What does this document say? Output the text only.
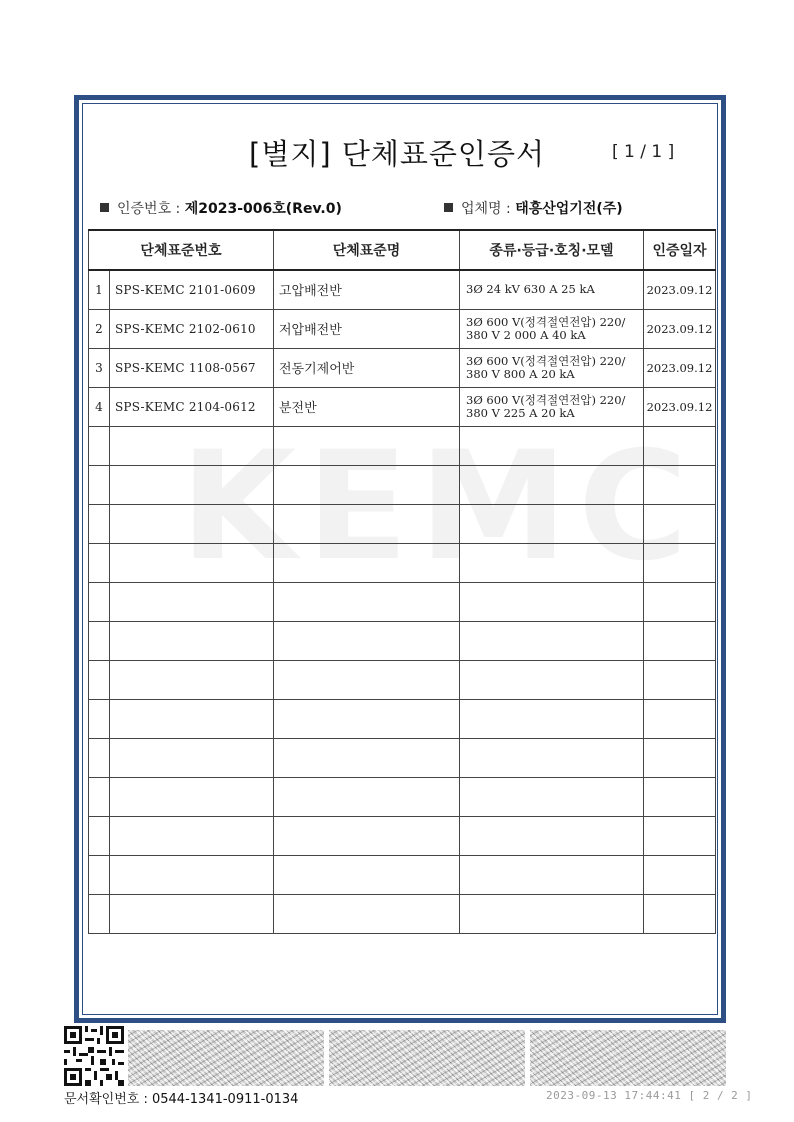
KEMC
[별지] 단체표준인증서	[ 1 / 1 ]
인증번호 : 제2023-006호(Rev.0)	업체명 : 태흥산업기전(주)
단체표준번호		단체표준명	종류·등급·호칭·모델	인증일자
1	SPS-KEMC 2101-0609	고압배전반	3Ø 24 kV 630 A 25 kA	2023.09.12
2	SPS-KEMC 2102-0610	저압배전반	3Ø 600 V(정격절연전압) 220/
380 V 2 000 A 40 kA	2023.09.12
3	SPS-KEMC 1108-0567	전동기제어반	3Ø 600 V(정격절연전압) 220/
380 V 800 A 20 kA	2023.09.12
4	SPS-KEMC 2104-0612	분전반	3Ø 600 V(정격절연전압) 220/
380 V 225 A 20 kA	2023.09.12

문서확인번호 : 0544-1341-0911-0134	2023-09-13 17:44:41 [ 2 / 2 ]
